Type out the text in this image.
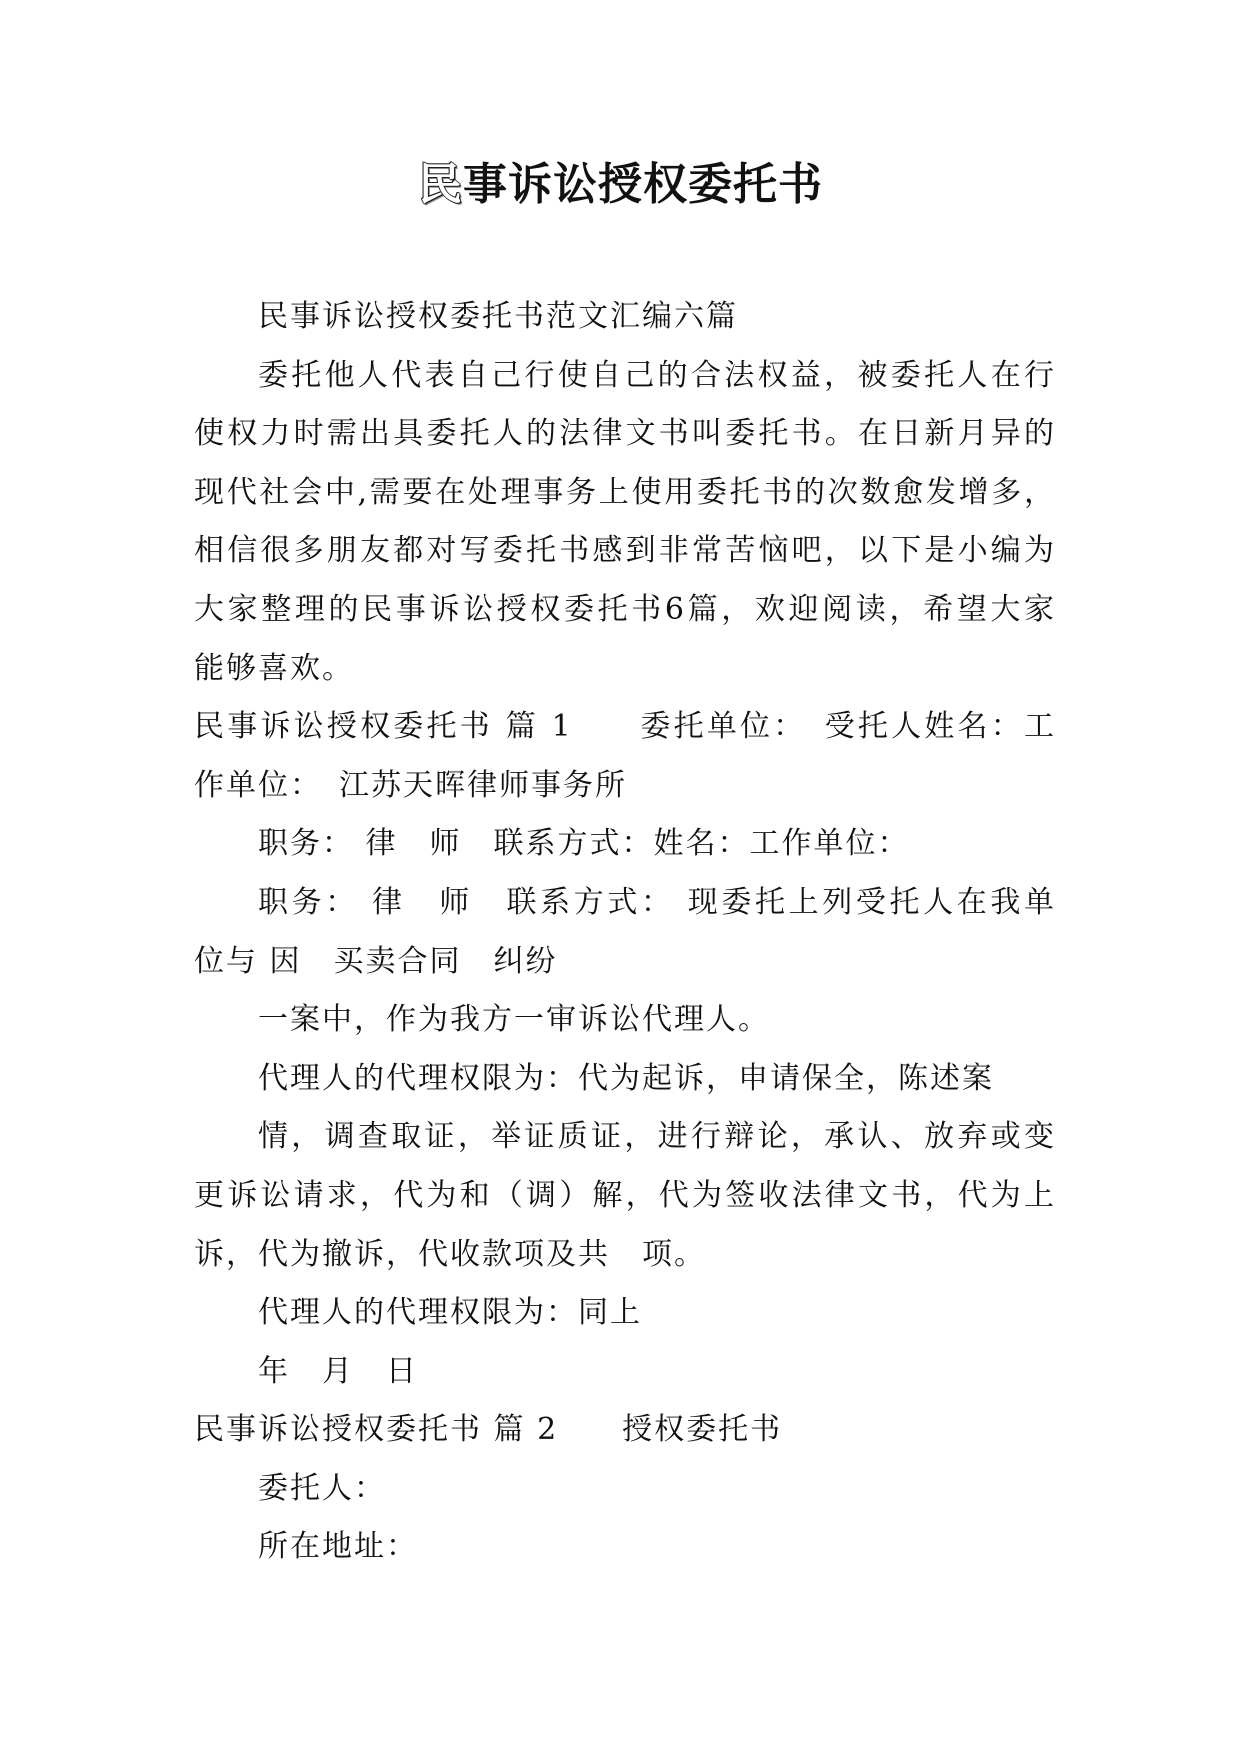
民事诉讼授权委托书
民事诉讼授权委托书范文汇编六篇
委托他人代表自己行使自己的合法权益，被委托人在行
使权力时需出具委托人的法律文书叫委托书。在日新月异的
现代社会中,需要在处理事务上使用委托书的次数愈发增多，
相信很多朋友都对写委托书感到非常苦恼吧，以下是小编为
大家整理的民事诉讼授权委托书6篇，欢迎阅读，希望大家
能够喜欢。
民事诉讼授权委托书 篇 1　　委托单位：　受托人姓名：工
作单位：　江苏天晖律师事务所
职务： 律　师　联系方式：姓名：工作单位：
职务： 律　师　联系方式： 现委托上列受托人在我单
位与 因　买卖合同　纠纷
一案中，作为我方一审诉讼代理人。
代理人的代理权限为：代为起诉，申请保全，陈述案
情，调查取证，举证质证，进行辩论，承认、放弃或变
更诉讼请求，代为和（调）解，代为签收法律文书，代为上
诉，代为撤诉，代收款项及共　项。
代理人的代理权限为：同上
年　月　日
民事诉讼授权委托书 篇 2　　授权委托书
委托人：
所在地址：
